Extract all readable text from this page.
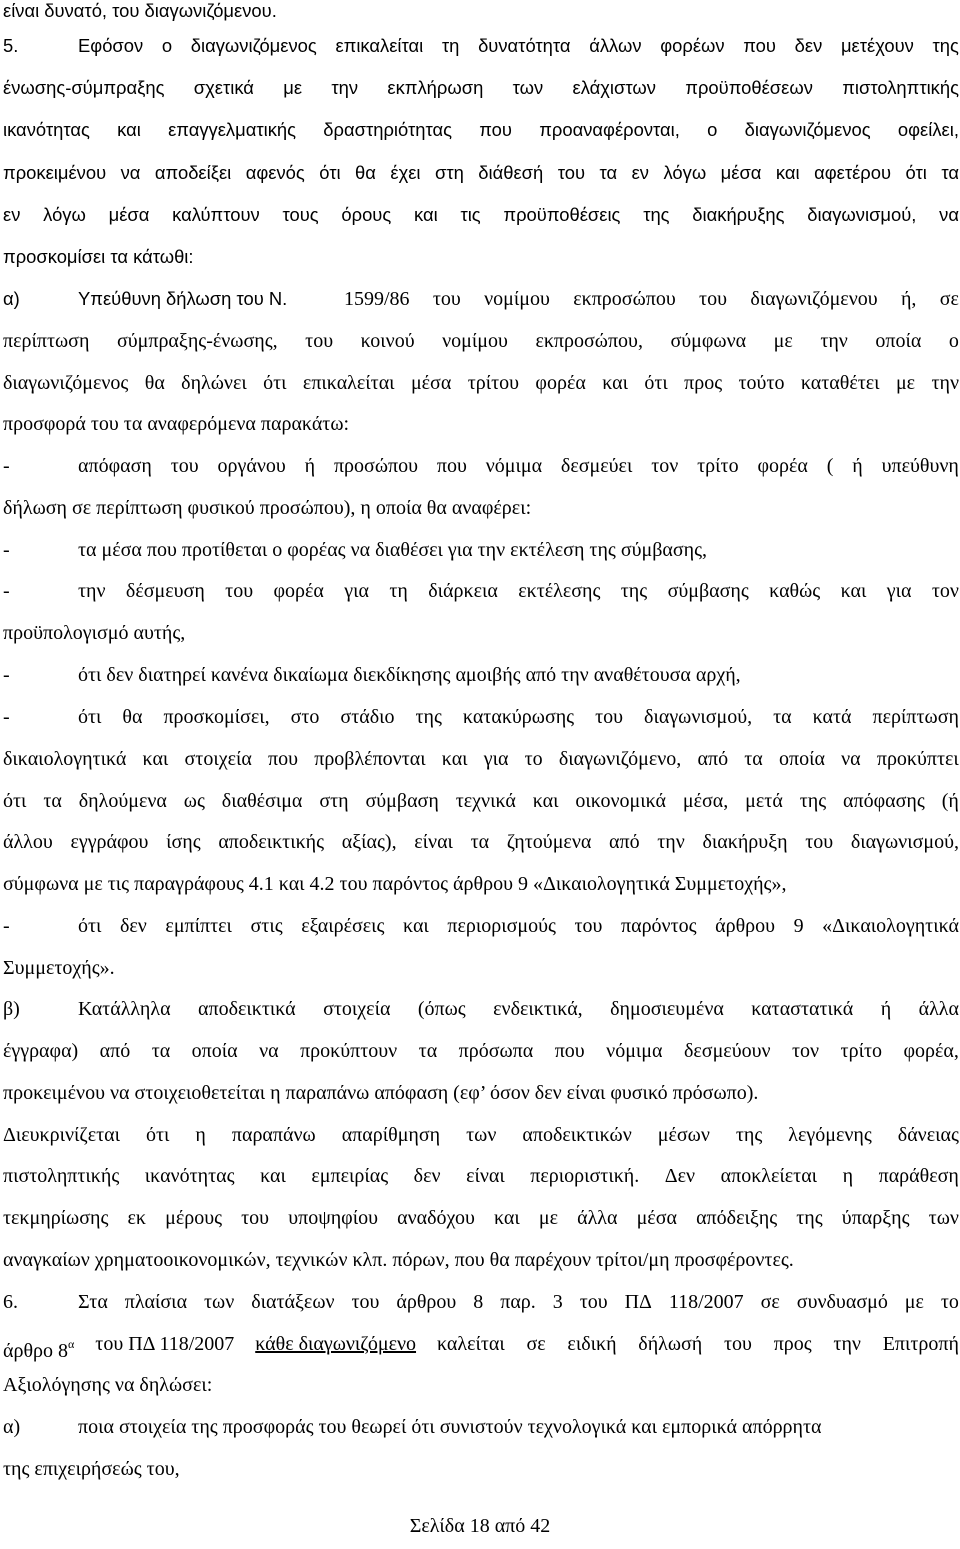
είναι δυνατό, του διαγωνιζόμενου.
5.	Εφόσον ο διαγωνιζόμενος επικαλείται τη δυνατότητα άλλων φορέων που δεν μετέχουν της
ένωσης-σύμπραξης σχετικά με την εκπλήρωση των ελάχιστων προϋποθέσεων πιστοληπτικής
ικανότητας και επαγγελματικής δραστηριότητας που προαναφέρονται, ο διαγωνιζόμενος οφείλει,
προκειμένου να αποδείξει αφενός ότι θα έχει στη διάθεσή του τα εν λόγω μέσα και αφετέρου ότι τα
εν λόγω μέσα καλύπτουν τους όρους και τις προϋποθέσεις της διακήρυξης διαγωνισμού, να
προσκομίσει τα κάτωθι:
α)	Υπεύθυνη δήλωση του Ν.	1599/86 του νομίμου εκπροσώπου του διαγωνιζόμενου ή, σε
περίπτωση σύμπραξης-ένωσης, του κοινού νομίμου εκπροσώπου, σύμφωνα με την οποία ο
διαγωνιζόμενος θα δηλώνει ότι επικαλείται μέσα τρίτου φορέα και ότι προς τούτο καταθέτει με την
προσφορά του τα αναφερόμενα παρακάτω:
-	απόφαση του οργάνου ή προσώπου που νόμιμα δεσμεύει τον τρίτο φορέα ( ή υπεύθυνη
δήλωση σε περίπτωση φυσικού προσώπου), η οποία θα αναφέρει:
-	τα μέσα που προτίθεται ο φορέας να διαθέσει για την εκτέλεση της σύμβασης,
-	την δέσμευση του φορέα για τη διάρκεια εκτέλεσης της σύμβασης καθώς και για τον
προϋπολογισμό αυτής,
-	ότι δεν διατηρεί κανένα δικαίωμα διεκδίκησης αμοιβής από την αναθέτουσα αρχή,
-	ότι θα προσκομίσει, στο στάδιο της κατακύρωσης του διαγωνισμού, τα κατά περίπτωση
δικαιολογητικά και στοιχεία που προβλέπονται και για το διαγωνιζόμενο, από τα οποία να προκύπτει
ότι τα δηλούμενα ως διαθέσιμα στη σύμβαση τεχνικά και οικονομικά μέσα, μετά της απόφασης (ή
άλλου εγγράφου ίσης αποδεικτικής αξίας), είναι τα ζητούμενα από την διακήρυξη του διαγωνισμού,
σύμφωνα με τις παραγράφους 4.1 και 4.2 του παρόντος άρθρου 9 «Δικαιολογητικά Συμμετοχής»,
-	ότι δεν εμπίπτει στις εξαιρέσεις και περιορισμούς του παρόντος άρθρου 9 «Δικαιολογητικά
Συμμετοχής».
β)	Κατάλληλα αποδεικτικά στοιχεία (όπως ενδεικτικά, δημοσιευμένα καταστατικά ή άλλα
έγγραφα) από τα οποία να προκύπτουν τα πρόσωπα που νόμιμα δεσμεύουν τον τρίτο φορέα,
προκειμένου να στοιχειοθετείται η παραπάνω απόφαση (εφ’ όσον δεν είναι φυσικό πρόσωπο).
Διευκρινίζεται ότι η παραπάνω απαρίθμηση των αποδεικτικών μέσων της λεγόμενης δάνειας
πιστοληπτικής ικανότητας και εμπειρίας δεν είναι περιοριστική. Δεν αποκλείεται η παράθεση
τεκμηρίωσης εκ μέρους του υποψηφίου αναδόχου και με άλλα μέσα απόδειξης της ύπαρξης των
αναγκαίων χρηματοοικονομικών, τεχνικών κλπ. πόρων, που θα παρέχουν τρίτοι/μη προσφέροντες.
6.	Στα πλαίσια των διατάξεων του άρθρου 8 παρ. 3 του ΠΔ 118/2007 σε συνδυασμό με το
άρθρο $8^\alpha$ του ΠΔ 118/2007 κάθε διαγωνιζόμενο καλείται σε ειδική δήλωσή του προς την Επιτροπή
Αξιολόγησης να δηλώσει:
α)	ποια στοιχεία της προσφοράς του θεωρεί ότι συνιστούν τεχνολογικά και εμπορικά απόρρητα
της επιχειρήσεώς του,
Σελίδα 18 από 42
